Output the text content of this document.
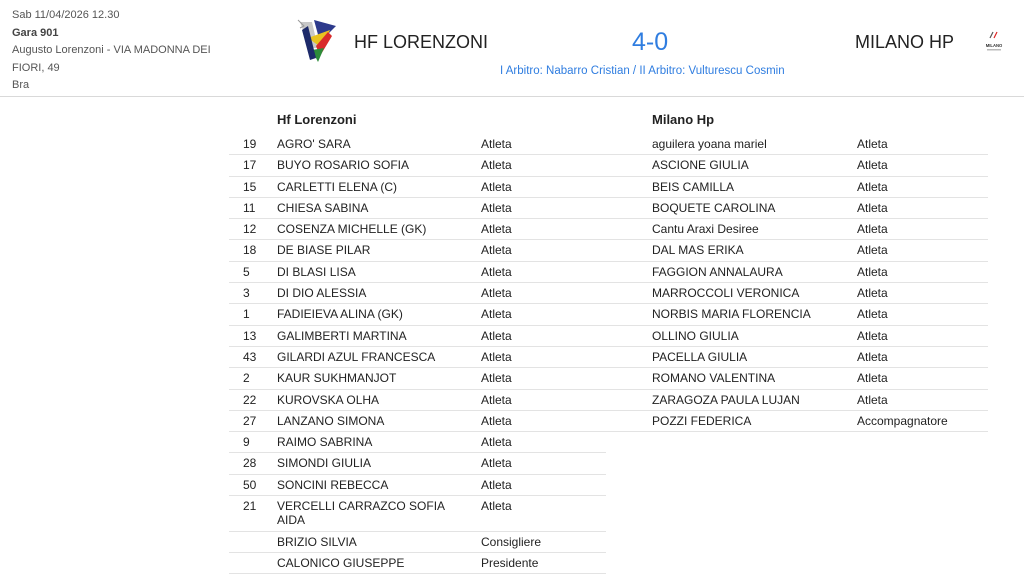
Sab 11/04/2026 12.30
Gara 901
Augusto Lorenzoni - VIA MADONNA DEI FIORI, 49
Bra
HF LORENZONI	4-0	MILANO HP	MILANO
I Arbitro: Nabarro Cristian / II Arbitro: Vulturescu Cosmin
Hf Lorenzoni
19	AGRO' SARA	Atleta
17	BUYO ROSARIO SOFIA	Atleta
15	CARLETTI ELENA (C)	Atleta
11	CHIESA SABINA	Atleta
12	COSENZA MICHELLE (GK)	Atleta
18	DE BIASE PILAR	Atleta
5	DI BLASI LISA	Atleta
3	DI DIO ALESSIA	Atleta
1	FADIEIEVA ALINA (GK)	Atleta
13	GALIMBERTI MARTINA	Atleta
43	GILARDI AZUL FRANCESCA	Atleta
2	KAUR SUKHMANJOT	Atleta
22	KUROVSKA OLHA	Atleta
27	LANZANO SIMONA	Atleta
9	RAIMO SABRINA	Atleta
28	SIMONDI GIULIA	Atleta
50	SONCINI REBECCA	Atleta
21	VERCELLI CARRAZCO SOFIA AIDA	Atleta
	BRIZIO SILVIA	Consigliere
	CALONICO GIUSEPPE	Presidente
Milano Hp
	aguilera yoana mariel	Atleta
	ASCIONE GIULIA	Atleta
	BEIS CAMILLA	Atleta
	BOQUETE CAROLINA	Atleta
	Cantu Araxi Desiree	Atleta
	DAL MAS ERIKA	Atleta
	FAGGION ANNALAURA	Atleta
	MARROCCOLI VERONICA	Atleta
	NORBIS MARIA FLORENCIA	Atleta
	OLLINO GIULIA	Atleta
	PACELLA GIULIA	Atleta
	ROMANO VALENTINA	Atleta
	ZARAGOZA PAULA LUJAN	Atleta
	POZZI FEDERICA	Accompagnatore
